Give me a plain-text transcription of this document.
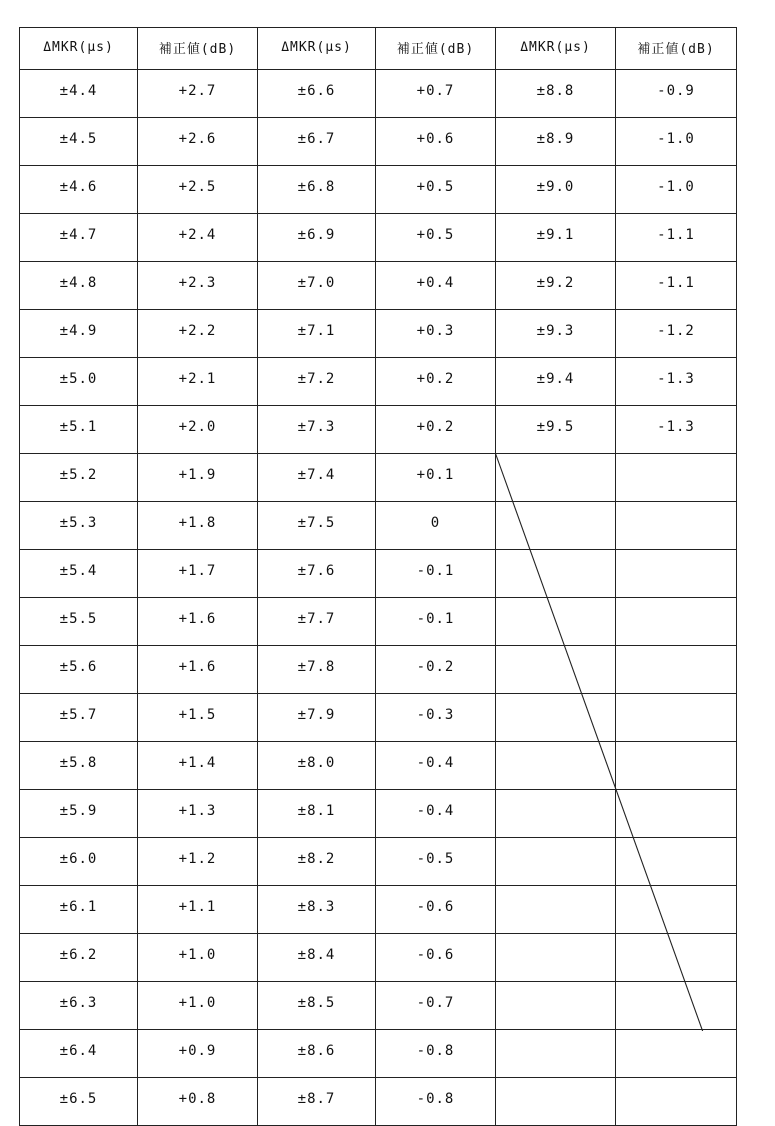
ΔMKR(μs)	補正値(dB)	ΔMKR(μs)	補正値(dB)	ΔMKR(μs)	補正値(dB)
±4.4	+2.7	±6.6	+0.7	±8.8	-0.9
±4.5	+2.6	±6.7	+0.6	±8.9	-1.0
±4.6	+2.5	±6.8	+0.5	±9.0	-1.0
±4.7	+2.4	±6.9	+0.5	±9.1	-1.1
±4.8	+2.3	±7.0	+0.4	±9.2	-1.1
±4.9	+2.2	±7.1	+0.3	±9.3	-1.2
±5.0	+2.1	±7.2	+0.2	±9.4	-1.3
±5.1	+2.0	±7.3	+0.2	±9.5	-1.3
±5.2	+1.9	±7.4	+0.1		
±5.3	+1.8	±7.5	0		
±5.4	+1.7	±7.6	-0.1		
±5.5	+1.6	±7.7	-0.1		
±5.6	+1.6	±7.8	-0.2		
±5.7	+1.5	±7.9	-0.3		
±5.8	+1.4	±8.0	-0.4		
±5.9	+1.3	±8.1	-0.4		
±6.0	+1.2	±8.2	-0.5		
±6.1	+1.1	±8.3	-0.6		
±6.2	+1.0	±8.4	-0.6		
±6.3	+1.0	±8.5	-0.7		
±6.4	+0.9	±8.6	-0.8		
±6.5	+0.8	±8.7	-0.8		
